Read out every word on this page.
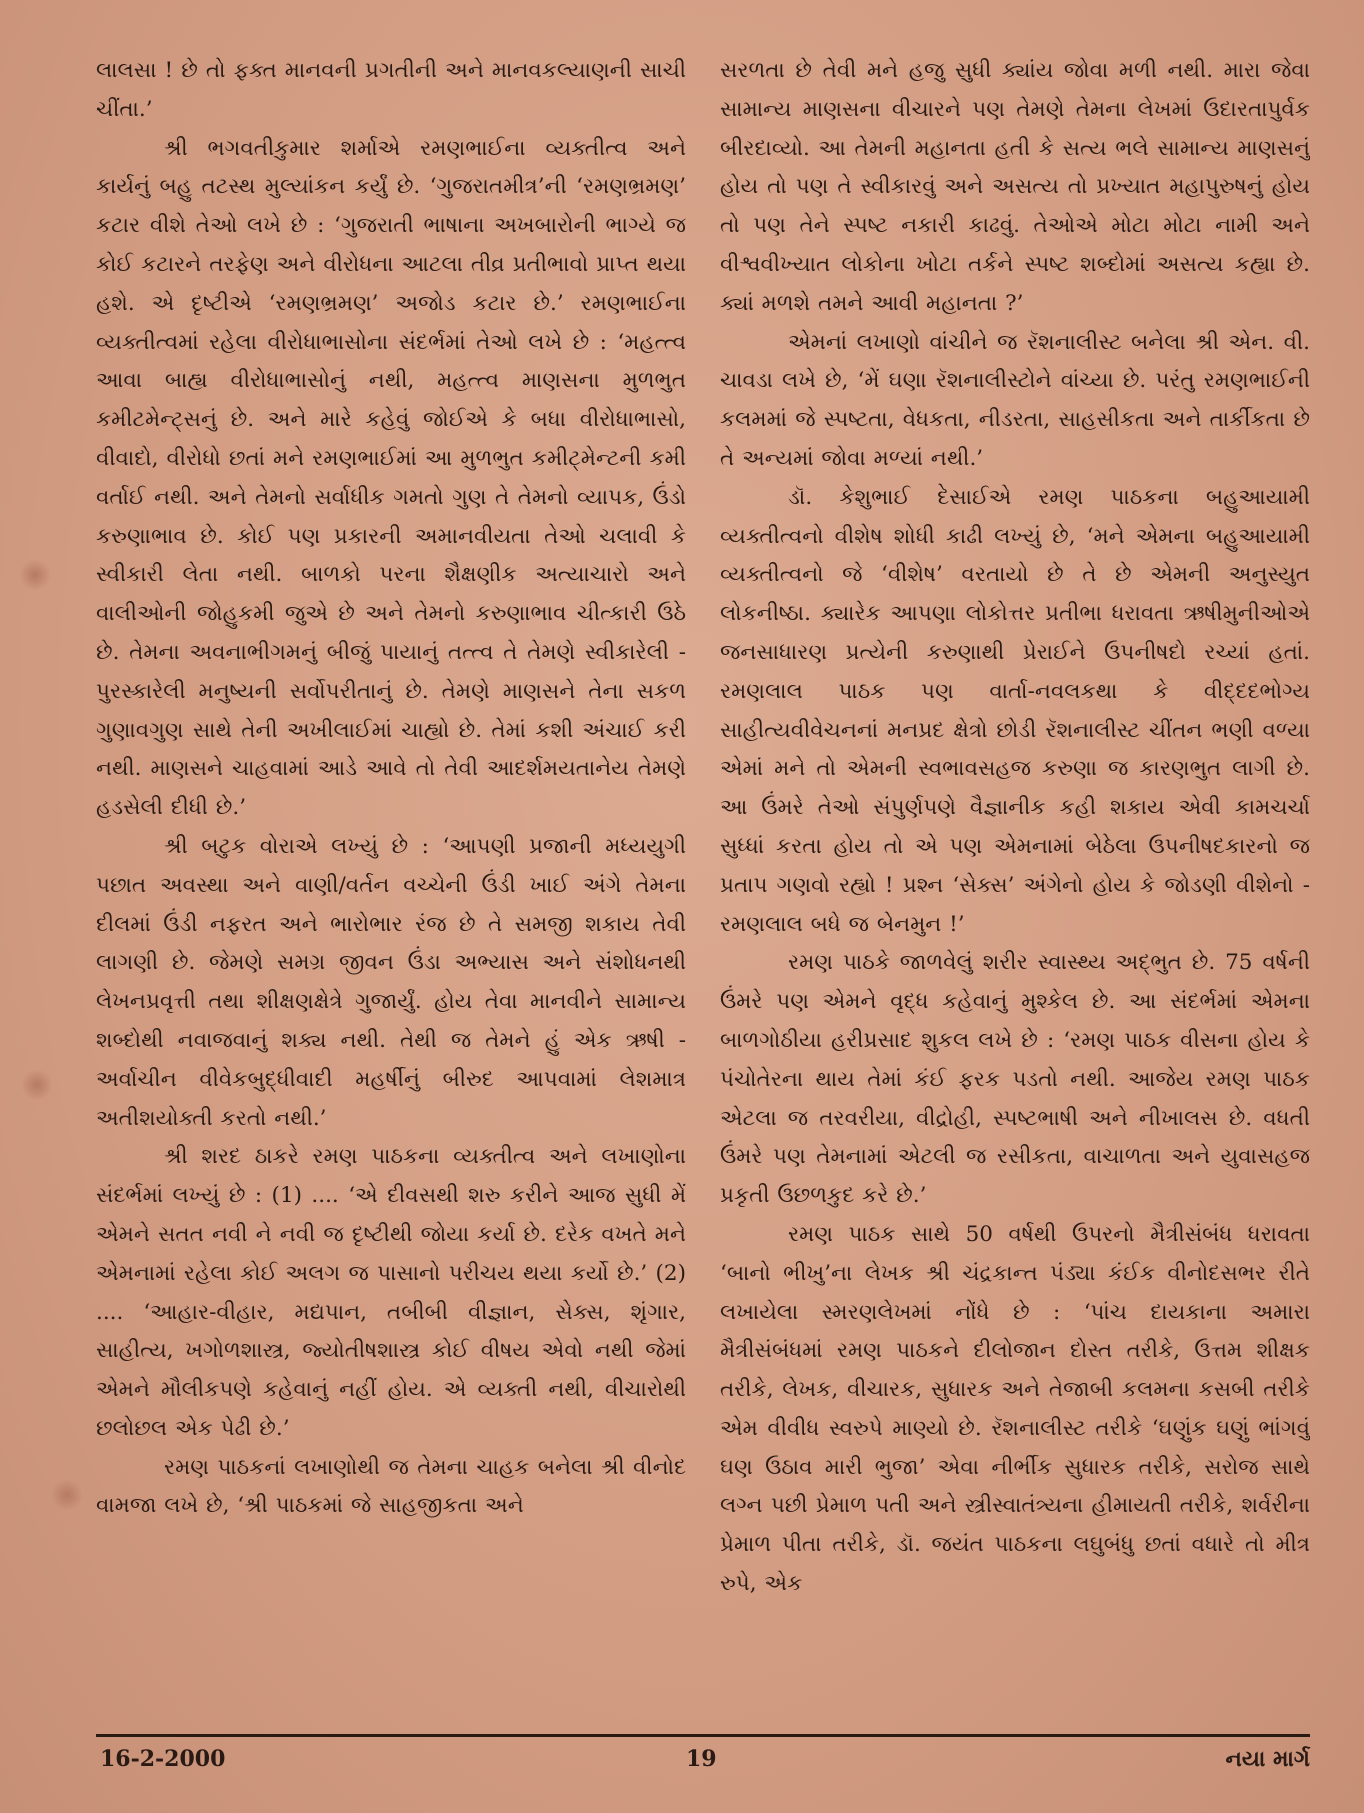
લાલસા ! છે તો ફક્ત માનવની પ્રગતીની અને માનવકલ્યાણની સાચી ચીંતા.’

શ્રી ભગવતીકુમાર શર્માએ રમણભાઈના વ્યક્તીત્વ અને કાર્યનું બહુ તટસ્થ મુલ્યાંકન કર્યું છે. ‘ગુજરાતમીત્ર’ની ‘રમણભ્રમણ’ કટાર વીશે તેઓ લખે છે : ‘ગુજરાતી ભાષાના અખબારોની ભાગ્યે જ કોઈ કટારને તરફેણ અને વીરોધના આટલા તીવ્ર પ્રતીભાવો પ્રાપ્ત થયા હશે. એ દૃષ્ટીએ ‘રમણભ્રમણ’ અજોડ કટાર છે.’ રમણભાઈના વ્યક્તીત્વમાં રહેલા વીરોધાભાસોના સંદર્ભમાં તેઓ લખે છે : ‘મહત્ત્વ આવા બાહ્ય વીરોધાભાસોનું નથી, મહત્ત્વ માણસના મુળભુત કમીટમેન્ટ્સનું છે. અને મારે કહેવું જોઈએ કે બધા વીરોધાભાસો, વીવાદો, વીરોધો છતાં મને રમણભાઈમાં આ મુળભુત કમીટ્મેન્ટની કમી વર્તાઈ નથી. અને તેમનો સર્વાધીક ગમતો ગુણ તે તેમનો વ્યાપક, ઉંડો કરુણાભાવ છે. કોઈ પણ પ્રકારની અમાનવીયતા તેઓ ચલાવી કે સ્વીકારી લેતા નથી. બાળકો પરના શૈક્ષણીક અત્યાચારો અને વાલીઓની જોહુકમી જુએ છે અને તેમનો કરુણાભાવ ચીત્કારી ઉઠે છે. તેમના અવનાભીગમનું બીજું પાયાનું તત્ત્વ તે તેમણે સ્વીકારેલી - પુરસ્કારેલી મનુષ્યની સર્વોપરીતાનું છે. તેમણે માણસને તેના સકળ ગુણાવગુણ સાથે તેની અખીલાઈમાં ચાહ્યો છે. તેમાં કશી અંચાઈ કરી નથી. માણસને ચાહવામાં આડે આવે તો તેવી આદર્શમયતાનેય તેમણે હડસેલી દીધી છે.’

શ્રી બટુક વોરાએ લખ્યું છે : ‘આપણી પ્રજાની મધ્યયુગી પછાત અવસ્થા અને વાણી/વર્તન વચ્ચેની ઉંડી ખાઈ અંગે તેમના દીલમાં ઉંડી નફરત અને ભારોભાર રંજ છે તે સમજી શકાય તેવી લાગણી છે. જેમણે સમગ્ર જીવન ઉંડા અભ્યાસ અને સંશોધનથી લેખનપ્રવૃત્તી તથા શીક્ષણક્ષેત્રે ગુજાર્યું. હોય તેવા માનવીને સામાન્ય શબ્દોથી નવાજવાનું શક્ય નથી. તેથી જ તેમને હું એક ઋષી - અર્વાચીન વીવેકબુદ્ધીવાદી મહર્ષીનું બીરુદ આપવામાં લેશમાત્ર અતીશયોક્તી કરતો નથી.’

શ્રી શરદ ઠાકરે રમણ પાઠકના વ્યક્તીત્વ અને લખાણોના સંદર્ભમાં લખ્યું છે : (1) .... ‘એ દીવસથી શરુ કરીને આજ સુધી મેં એમને સતત નવી ને નવી જ દૃષ્ટીથી જોયા કર્યા છે. દરેક વખતે મને એમનામાં રહેલા કોઈ અલગ જ પાસાનો પરીચય થયા કર્યો છે.’ (2) .... ‘આહાર-વીહાર, મદ્યપાન, તબીબી વીજ્ઞાન, સેક્સ, શૃંગાર, સાહીત્ય, ખગોળશાસ્ત્ર, જ્યોતીષશાસ્ત્ર કોઈ વીષય એવો નથી જેમાં એમને મૌલીકપણે કહેવાનું નહીં હોય. એ વ્યક્તી નથી, વીચારોથી છલોછલ એક પેઢી છે.’

રમણ પાઠકનાં લખાણોથી જ તેમના ચાહક બનેલા શ્રી વીનોદ વામજા લખે છે, ‘શ્રી પાઠકમાં જે સાહજીકતા અને

સરળતા છે તેવી મને હજુ સુધી ક્યાંય જોવા મળી નથી. મારા જેવા સામાન્ય માણસના વીચારને પણ તેમણે તેમના લેખમાં ઉદારતાપુર્વક બીરદાવ્યો. આ તેમની મહાનતા હતી કે સત્ય ભલે સામાન્ય માણસનું હોય તો પણ તે સ્વીકારવું અને અસત્ય તો પ્રખ્યાત મહાપુરુષનું હોય તો પણ તેને સ્પષ્ટ નકારી કાઢવું. તેઓએ મોટા મોટા નામી અને વીશ્વવીખ્યાત લોકોના ખોટા તર્કને સ્પષ્ટ શબ્દોમાં અસત્ય કહ્યા છે. ક્યાં મળશે તમને આવી મહાનતા ?’

એમનાં લખાણો વાંચીને જ રૅશનાલીસ્ટ બનેલા શ્રી એન. વી. ચાવડા લખે છે, ‘મેં ઘણા રૅશનાલીસ્ટોને વાંચ્યા છે. પરંતુ રમણભાઈની કલમમાં જે સ્પષ્ટતા, વેધકતા, નીડરતા, સાહસીકતા અને તાર્કીકતા છે તે અન્યમાં જોવા મળ્યાં નથી.’

ડૉ. કેશુભાઈ દેસાઈએ રમણ પાઠકના બહુઆયામી વ્યક્તીત્વનો વીશેષ શોધી કાઢી લખ્યું છે, ‘મને એમના બહુઆયામી વ્યક્તીત્વનો જે ‘વીશેષ’ વરતાયો છે તે છે એમની અનુસ્યુત લોકનીષ્ઠા. ક્યારેક આપણા લોકોત્તર પ્રતીભા ધરાવતા ઋષીમુનીઓએ જનસાધારણ પ્રત્યેની કરુણાથી પ્રેરાઈને ઉપનીષદો રચ્યાં હતાં. રમણલાલ પાઠક પણ વાર્તા-નવલકથા કે વીદ્દદભોગ્ય સાહીત્યવીવેચનનાં મનપ્રદ ક્ષેત્રો છોડી રૅશનાલીસ્ટ ચીંતન ભણી વળ્યા એમાં મને તો એમની સ્વભાવસહજ કરુણા જ કારણભુત લાગી છે. આ ઉંમરે તેઓ સંપુર્ણપણે વૈજ્ઞાનીક કહી શકાય એવી કામચર્ચા સુધ્ધાં કરતા હોય તો એ પણ એમનામાં બેઠેલા ઉપનીષદકારનો જ પ્રતાપ ગણવો રહ્યો ! પ્રશ્ન ‘સેક્સ’ અંગેનો હોય કે જોડણી વીશેનો - રમણલાલ બધે જ બેનમુન !’

રમણ પાઠકે જાળવેલું શરીર સ્વાસ્થ્ય અદ્ભુત છે. 75 વર્ષની ઉંમરે પણ એમને વૃદ્ધ કહેવાનું મુશ્કેલ છે. આ સંદર્ભમાં એમના બાળગોઠીયા હરીપ્રસાદ શુકલ લખે છે : ‘રમણ પાઠક વીસના હોય કે પંચોતેરના થાય તેમાં કંઈ ફરક પડતો નથી. આજેય રમણ પાઠક એટલા જ તરવરીયા, વીદ્રોહી, સ્પષ્ટભાષી અને નીખાલસ છે. વધતી ઉંમરે પણ તેમનામાં એટલી જ રસીકતા, વાચાળતા અને યુવાસહજ પ્રકૃતી ઉછળકુદ કરે છે.’

રમણ પાઠક સાથે 50 વર્ષથી ઉપરનો મૈત્રીસંબંધ ધરાવતા ‘બાનો ભીખુ’ના લેખક શ્રી ચંદ્રકાન્ત પંડ્યા કંઈક વીનોદસભર રીતે લખાયેલા સ્મરણલેખમાં નોંધે છે : ‘પાંચ દાયકાના અમારા મૈત્રીસંબંધમાં રમણ પાઠકને દીલોજાન દોસ્ત તરીકે, ઉત્તમ શીક્ષક તરીકે, લેખક, વીચારક, સુધારક અને તેજાબી કલમના કસબી તરીકે એમ વીવીધ સ્વરુપે માણ્યો છે. રૅશનાલીસ્ટ તરીકે ‘ઘણુંક ઘણું ભાંગવું ઘણ ઉઠાવ મારી ભુજા’ એવા નીર્ભીક સુધારક તરીકે, સરોજ સાથે લગ્ન પછી પ્રેમાળ પતી અને સ્ત્રીસ્વાતંત્ર્યના હીમાયતી તરીકે, શર્વરીના પ્રેમાળ પીતા તરીકે, ડૉ. જયંત પાઠકના લઘુબંધુ છતાં વધારે તો મીત્ર રુપે, એક

16-2-2000	19	નયા માર્ગ
